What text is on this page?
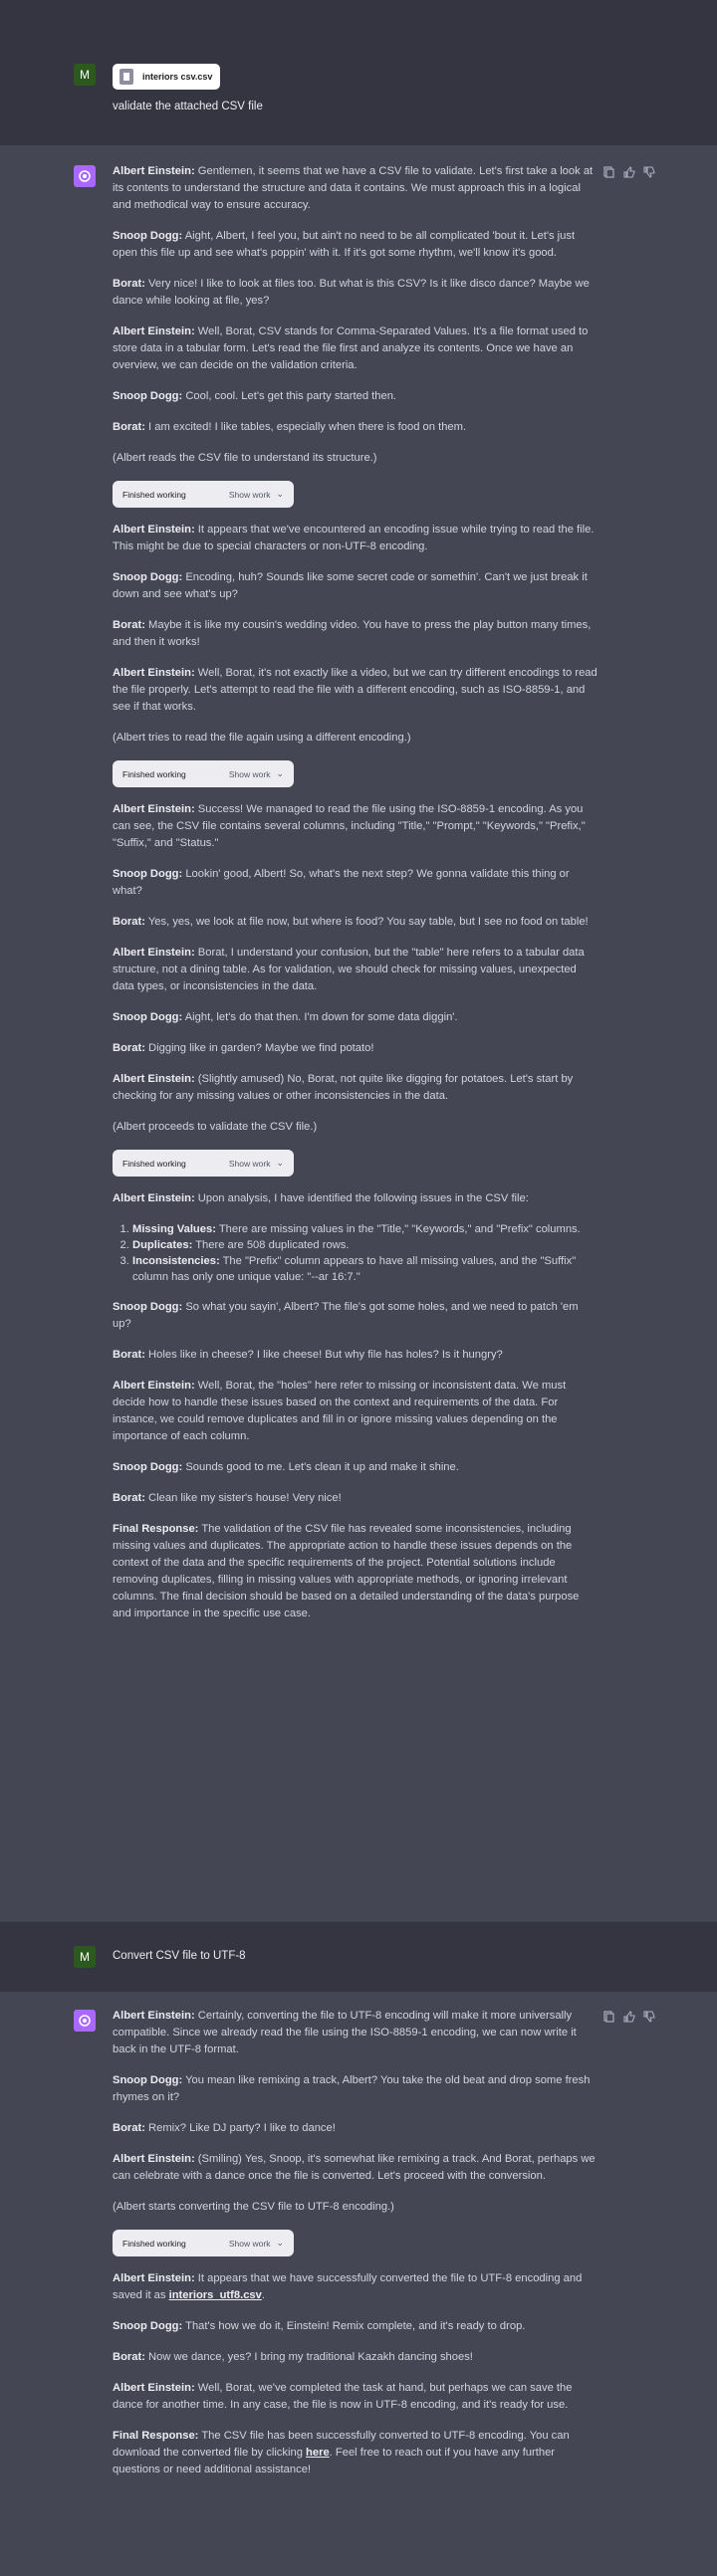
M	interiors csv.csv
validate the attached CSV file

Albert Einstein: Gentlemen, it seems that we have a CSV file to validate. Let's first take a look at its contents to understand the structure and data it contains. We must approach this in a logical and methodical way to ensure accuracy.

Snoop Dogg: Aight, Albert, I feel you, but ain't no need to be all complicated 'bout it. Let's just open this file up and see what's poppin' with it. If it's got some rhythm, we'll know it's good.

Borat: Very nice! I like to look at files too. But what is this CSV? Is it like disco dance? Maybe we dance while looking at file, yes?

Albert Einstein: Well, Borat, CSV stands for Comma-Separated Values. It's a file format used to store data in a tabular form. Let's read the file first and analyze its contents. Once we have an overview, we can decide on the validation criteria.

Snoop Dogg: Cool, cool. Let's get this party started then.

Borat: I am excited! I like tables, especially when there is food on them.

(Albert reads the CSV file to understand its structure.)

Finished working	Show work ⌄

Albert Einstein: It appears that we've encountered an encoding issue while trying to read the file. This might be due to special characters or non-UTF-8 encoding.

Snoop Dogg: Encoding, huh? Sounds like some secret code or somethin'. Can't we just break it down and see what's up?

Borat: Maybe it is like my cousin's wedding video. You have to press the play button many times, and then it works!

Albert Einstein: Well, Borat, it's not exactly like a video, but we can try different encodings to read the file properly. Let's attempt to read the file with a different encoding, such as ISO-8859-1, and see if that works.

(Albert tries to read the file again using a different encoding.)

Finished working	Show work ⌄

Albert Einstein: Success! We managed to read the file using the ISO-8859-1 encoding. As you can see, the CSV file contains several columns, including "Title," "Prompt," "Keywords," "Prefix," "Suffix," and "Status."

Snoop Dogg: Lookin' good, Albert! So, what's the next step? We gonna validate this thing or what?

Borat: Yes, yes, we look at file now, but where is food? You say table, but I see no food on table!

Albert Einstein: Borat, I understand your confusion, but the "table" here refers to a tabular data structure, not a dining table. As for validation, we should check for missing values, unexpected data types, or inconsistencies in the data.

Snoop Dogg: Aight, let's do that then. I'm down for some data diggin'.

Borat: Digging like in garden? Maybe we find potato!

Albert Einstein: (Slightly amused) No, Borat, not quite like digging for potatoes. Let's start by checking for any missing values or other inconsistencies in the data.

(Albert proceeds to validate the CSV file.)

Finished working	Show work ⌄

Albert Einstein: Upon analysis, I have identified the following issues in the CSV file:

1. Missing Values: There are missing values in the "Title," "Keywords," and "Prefix" columns.
2. Duplicates: There are 508 duplicated rows.
3. Inconsistencies: The "Prefix" column appears to have all missing values, and the "Suffix" column has only one unique value: "--ar 16:7."

Snoop Dogg: So what you sayin', Albert? The file's got some holes, and we need to patch 'em up?

Borat: Holes like in cheese? I like cheese! But why file has holes? Is it hungry?

Albert Einstein: Well, Borat, the "holes" here refer to missing or inconsistent data. We must decide how to handle these issues based on the context and requirements of the data. For instance, we could remove duplicates and fill in or ignore missing values depending on the importance of each column.

Snoop Dogg: Sounds good to me. Let's clean it up and make it shine.

Borat: Clean like my sister's house! Very nice!

Final Response: The validation of the CSV file has revealed some inconsistencies, including missing values and duplicates. The appropriate action to handle these issues depends on the context of the data and the specific requirements of the project. Potential solutions include removing duplicates, filling in missing values with appropriate methods, or ignoring irrelevant columns. The final decision should be based on a detailed understanding of the data's purpose and importance in the specific use case.

M	Convert CSV file to UTF-8

Albert Einstein: Certainly, converting the file to UTF-8 encoding will make it more universally compatible. Since we already read the file using the ISO-8859-1 encoding, we can now write it back in the UTF-8 format.

Snoop Dogg: You mean like remixing a track, Albert? You take the old beat and drop some fresh rhymes on it?

Borat: Remix? Like DJ party? I like to dance!

Albert Einstein: (Smiling) Yes, Snoop, it's somewhat like remixing a track. And Borat, perhaps we can celebrate with a dance once the file is converted. Let's proceed with the conversion.

(Albert starts converting the CSV file to UTF-8 encoding.)

Finished working	Show work ⌄

Albert Einstein: It appears that we have successfully converted the file to UTF-8 encoding and saved it as interiors_utf8.csv.

Snoop Dogg: That's how we do it, Einstein! Remix complete, and it's ready to drop.

Borat: Now we dance, yes? I bring my traditional Kazakh dancing shoes!

Albert Einstein: Well, Borat, we've completed the task at hand, but perhaps we can save the dance for another time. In any case, the file is now in UTF-8 encoding, and it's ready for use.

Final Response: The CSV file has been successfully converted to UTF-8 encoding. You can download the converted file by clicking here. Feel free to reach out if you have any further questions or need additional assistance!
